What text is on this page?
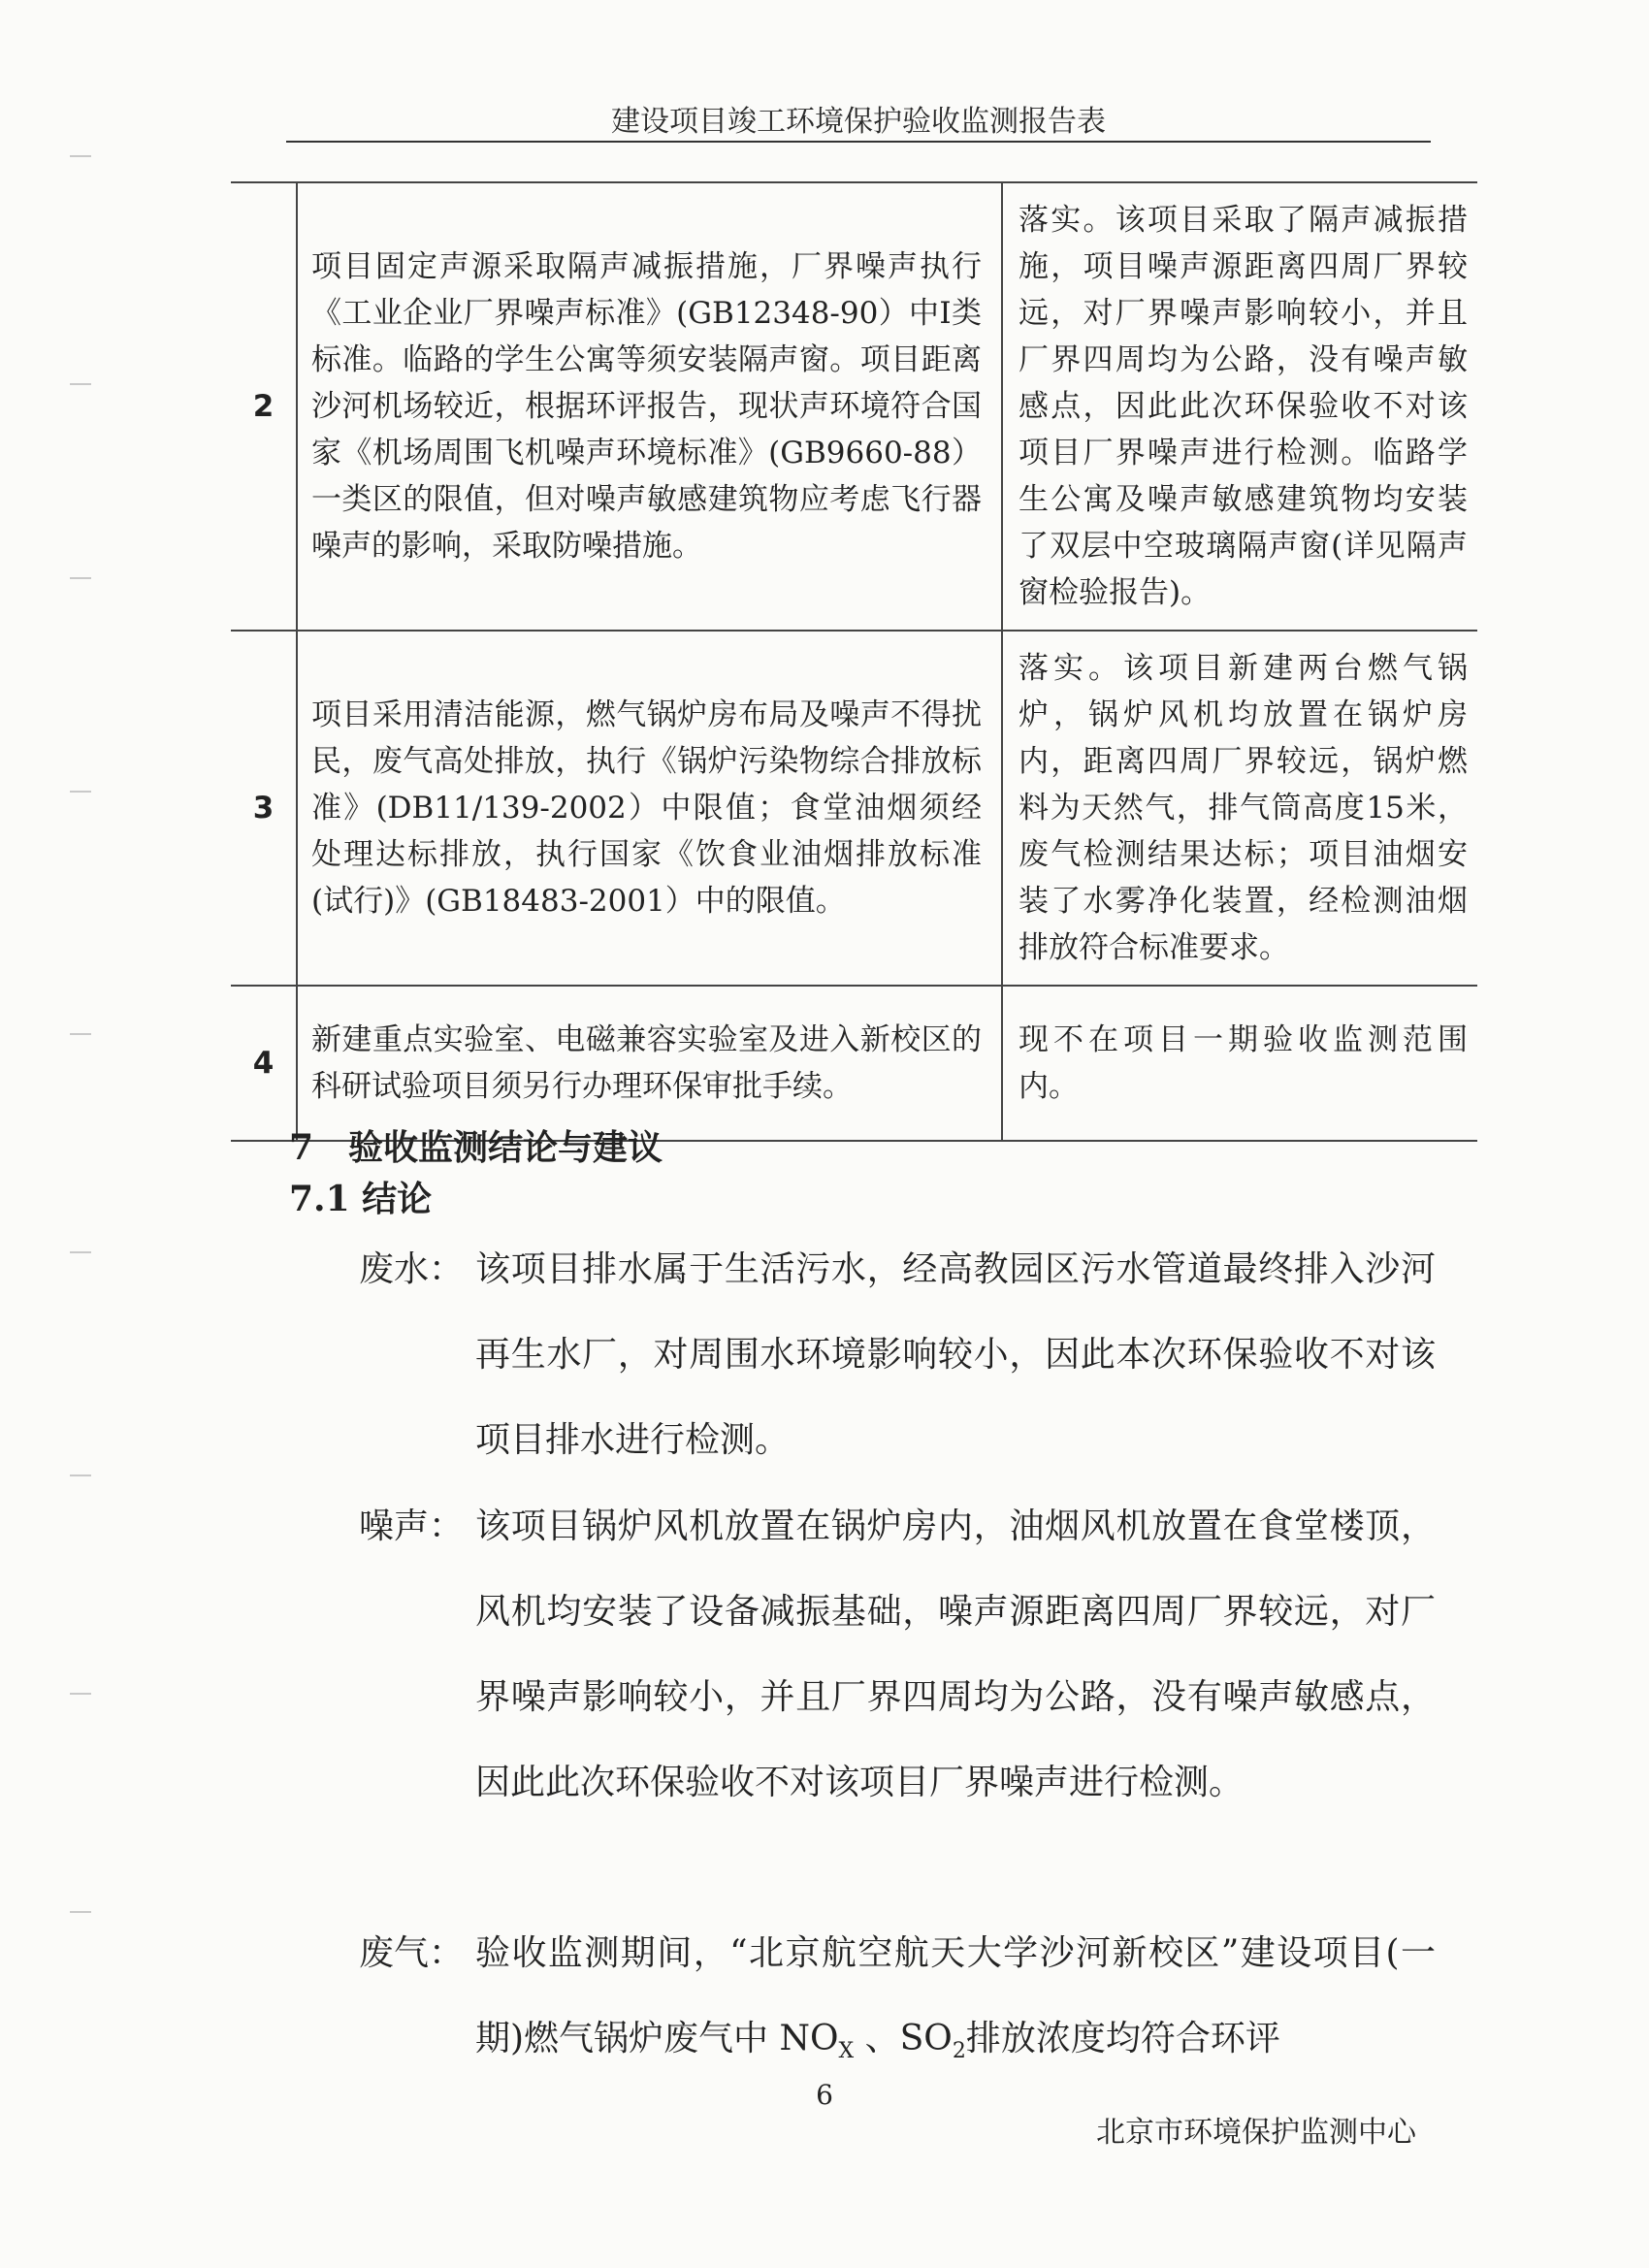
建设项目竣工环境保护验收监测报告表
2	项目固定声源采取隔声减振措施，厂界噪声执行《工业企业厂界噪声标准》(GB12348-90）中Ⅰ类标准。临路的学生公寓等须安装隔声窗。项目距离沙河机场较近，根据环评报告，现状声环境符合国家《机场周围飞机噪声环境标准》(GB9660-88）一类区的限值，但对噪声敏感建筑物应考虑飞行器噪声的影响，采取防噪措施。	落实。该项目采取了隔声减振措施，项目噪声源距离四周厂界较远，对厂界噪声影响较小，并且厂界四周均为公路，没有噪声敏感点，因此此次环保验收不对该项目厂界噪声进行检测。临路学生公寓及噪声敏感建筑物均安装了双层中空玻璃隔声窗(详见隔声窗检验报告)。
3	项目采用清洁能源，燃气锅炉房布局及噪声不得扰民，废气高处排放，执行《锅炉污染物综合排放标准》(DB11/139-2002）中限值；食堂油烟须经处理达标排放，执行国家《饮食业油烟排放标准(试行)》(GB18483-2001）中的限值。	落实。该项目新建两台燃气锅炉，锅炉风机均放置在锅炉房内，距离四周厂界较远，锅炉燃料为天然气，排气筒高度15米，废气检测结果达标；项目油烟安装了水雾净化装置，经检测油烟排放符合标准要求。
4	新建重点实验室、电磁兼容实验室及进入新校区的科研试验项目须另行办理环保审批手续。	现不在项目一期验收监测范围内。
7　验收监测结论与建议
7.1 结论
废水： 该项目排水属于生活污水，经高教园区污水管道最终排入沙河再生水厂，对周围水环境影响较小，因此本次环保验收不对该项目排水进行检测。
噪声： 该项目锅炉风机放置在锅炉房内，油烟风机放置在食堂楼顶，风机均安装了设备减振基础，噪声源距离四周厂界较远，对厂界噪声影响较小，并且厂界四周均为公路，没有噪声敏感点，因此此次环保验收不对该项目厂界噪声进行检测。
废气： 验收监测期间，“北京航空航天大学沙河新校区”建设项目(一期)燃气锅炉废气中 $NO_X$ 、$SO_2$排放浓度均符合环评
6
北京市环境保护监测中心
